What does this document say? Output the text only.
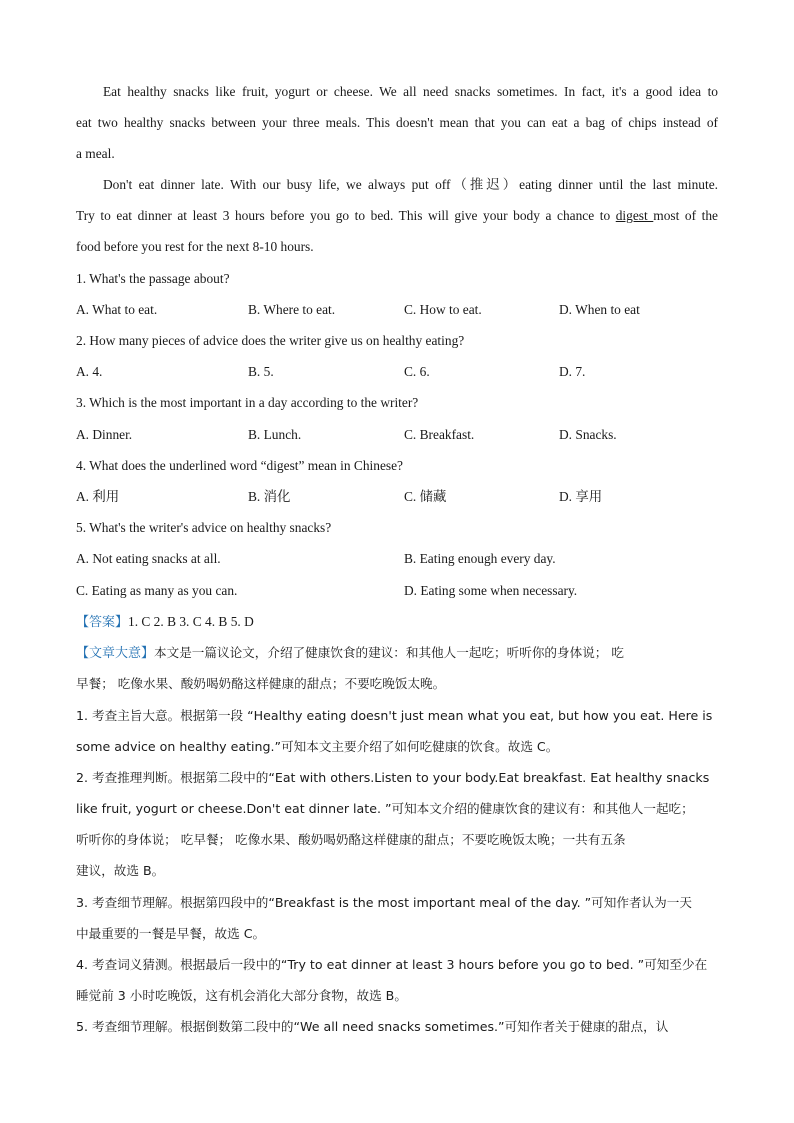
Eat healthy snacks like fruit, yogurt or cheese. We all need snacks sometimes. In fact, it's a good idea to
eat two healthy snacks between your three meals. This doesn't mean that you can eat a bag of chips instead of
a meal.
Don't eat dinner late. With our busy life, we always put off（推迟）eating dinner until the last minute.
Try to eat dinner at least 3 hours before you go to bed. This will give your body a chance to digest most of the
food before you rest for the next 8-10 hours.
1. What's the passage about?
A. What to eat.	B. Where to eat.	C. How to eat.	D. When to eat
2. How many pieces of advice does the writer give us on healthy eating?
A. 4.	B. 5.	C. 6.	D. 7.
3. Which is the most important in a day according to the writer?
A. Dinner.	B. Lunch.	C. Breakfast.	D. Snacks.
4. What does the underlined word “digest” mean in Chinese?
A. 利用	B. 消化	C. 储藏	D. 享用
5. What's the writer's advice on healthy snacks?
A. Not eating snacks at all.	B. Eating enough every day.
C. Eating as many as you can.	D. Eating some when necessary.
【答案】1. C 2. B 3. C 4. B 5. D
【文章大意】本文是一篇议论文，介绍了健康饮食的建议：和其他人一起吃；听听你的身体说； 吃
早餐； 吃像水果、酸奶喝奶酪这样健康的甜点；不要吃晚饭太晚。
1. 考查主旨大意。根据第一段 “Healthy eating doesn't just mean what you eat, but how you eat. Here is
some advice on healthy eating.”可知本文主要介绍了如何吃健康的饮食。故选 C。
2. 考查推理判断。根据第二段中的“Eat with others.Listen to your body.Eat breakfast. Eat healthy snacks
like fruit, yogurt or cheese.Don't eat dinner late. ”可知本文介绍的健康饮食的建议有：和其他人一起吃；
听听你的身体说； 吃早餐； 吃像水果、酸奶喝奶酪这样健康的甜点；不要吃晚饭太晚；一共有五条
建议，故选 B。
3. 考查细节理解。根据第四段中的“Breakfast is the most important meal of the day. ”可知作者认为一天
中最重要的一餐是早餐，故选 C。
4. 考查词义猜测。根据最后一段中的“Try to eat dinner at least 3 hours before you go to bed. ”可知至少在
睡觉前 3 小时吃晚饭，这有机会消化大部分食物，故选 B。
5. 考查细节理解。根据倒数第二段中的“We all need snacks sometimes.”可知作者关于健康的甜点，认
